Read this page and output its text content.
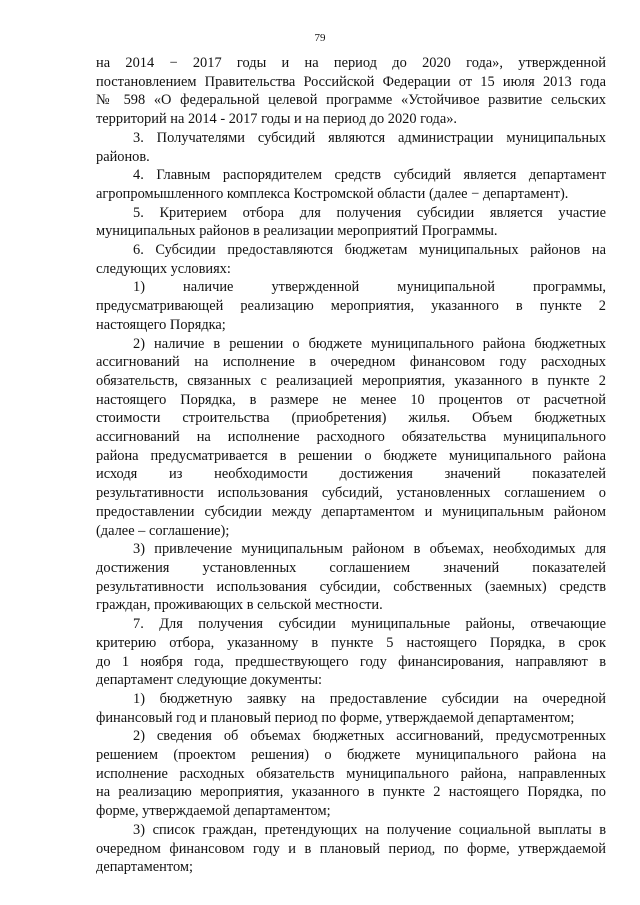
79

на 2014 − 2017 годы и на период до 2020 года», утвержденной

постановлением Правительства Российской Федерации от 15 июля 2013 года

№ 598 «О федеральной целевой программе «Устойчивое развитие сельских

территорий на 2014 - 2017 годы и на период до 2020 года».

3. Получателями субсидий являются администрации муниципальных

районов.

4. Главным распорядителем средств субсидий является департамент

агропромышленного комплекса Костромской области (далее − департамент).

5. Критерием отбора для получения субсидии является участие

муниципальных районов в реализации мероприятий Программы.

6. Субсидии предоставляются бюджетам муниципальных районов на

следующих условиях:

1) наличие утвержденной муниципальной программы,

предусматривающей реализацию мероприятия, указанного в пункте 2

настоящего Порядка;

2) наличие в решении о бюджете муниципального района бюджетных

ассигнований на исполнение в очередном финансовом году расходных

обязательств, связанных с реализацией мероприятия, указанного в пункте 2

настоящего Порядка, в размере не менее 10 процентов от расчетной

стоимости строительства (приобретения) жилья. Объем бюджетных

ассигнований на исполнение расходного обязательства муниципального

района предусматривается в решении о бюджете муниципального района

исходя из необходимости достижения значений показателей

результативности использования субсидий, установленных соглашением о

предоставлении субсидии между департаментом и муниципальным районом

(далее – соглашение);

3) привлечение муниципальным районом в объемах, необходимых для

достижения установленных соглашением значений показателей

результативности использования субсидии, собственных (заемных) средств

граждан, проживающих в сельской местности.

7. Для получения субсидии муниципальные районы, отвечающие

критерию отбора, указанному в пункте 5 настоящего Порядка, в срок

до 1 ноября года, предшествующего году финансирования, направляют в

департамент следующие документы:

1) бюджетную заявку на предоставление субсидии на очередной

финансовый год и плановый период по форме, утверждаемой департаментом;

2) сведения об объемах бюджетных ассигнований, предусмотренных

решением (проектом решения) о бюджете муниципального района на

исполнение расходных обязательств муниципального района, направленных

на реализацию мероприятия, указанного в пункте 2 настоящего Порядка, по

форме, утверждаемой департаментом;

3) список граждан, претендующих на получение социальной выплаты в

очередном финансовом году и в плановый период, по форме, утверждаемой

департаментом;
